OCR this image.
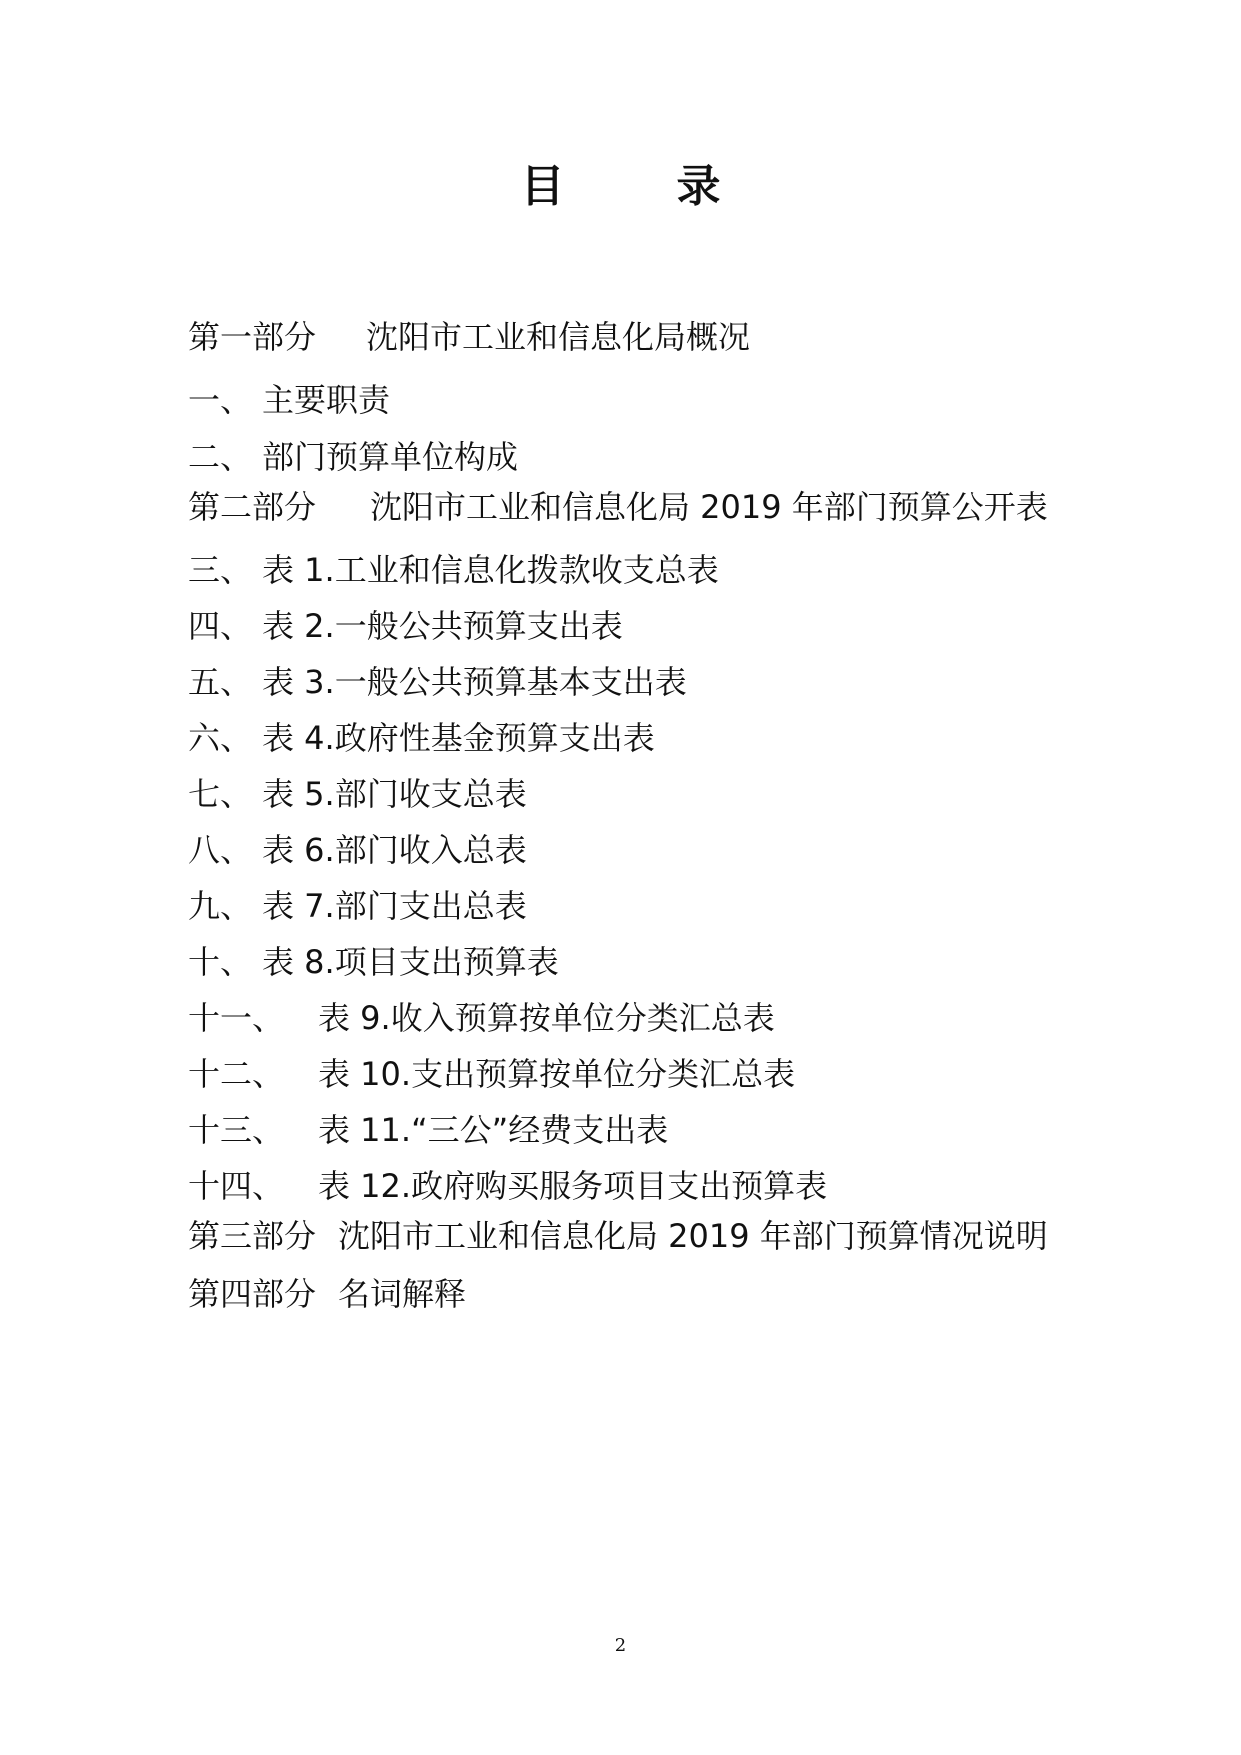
目	录
第一部分	沈阳市工业和信息化局概况
一、 主要职责
二、 部门预算单位构成
第二部分	沈阳市工业和信息化局 2019 年部门预算公开表
三、 表 1.工业和信息化拨款收支总表
四、 表 2.一般公共预算支出表
五、 表 3.一般公共预算基本支出表
六、 表 4.政府性基金预算支出表
七、 表 5.部门收支总表
八、 表 6.部门收入总表
九、 表 7.部门支出总表
十、 表 8.项目支出预算表
十一、	表 9.收入预算按单位分类汇总表
十二、	表 10.支出预算按单位分类汇总表
十三、	表 11.“三公”经费支出表
十四、	表 12.政府购买服务项目支出预算表
第三部分 沈阳市工业和信息化局 2019 年部门预算情况说明
第四部分 名词解释
2
